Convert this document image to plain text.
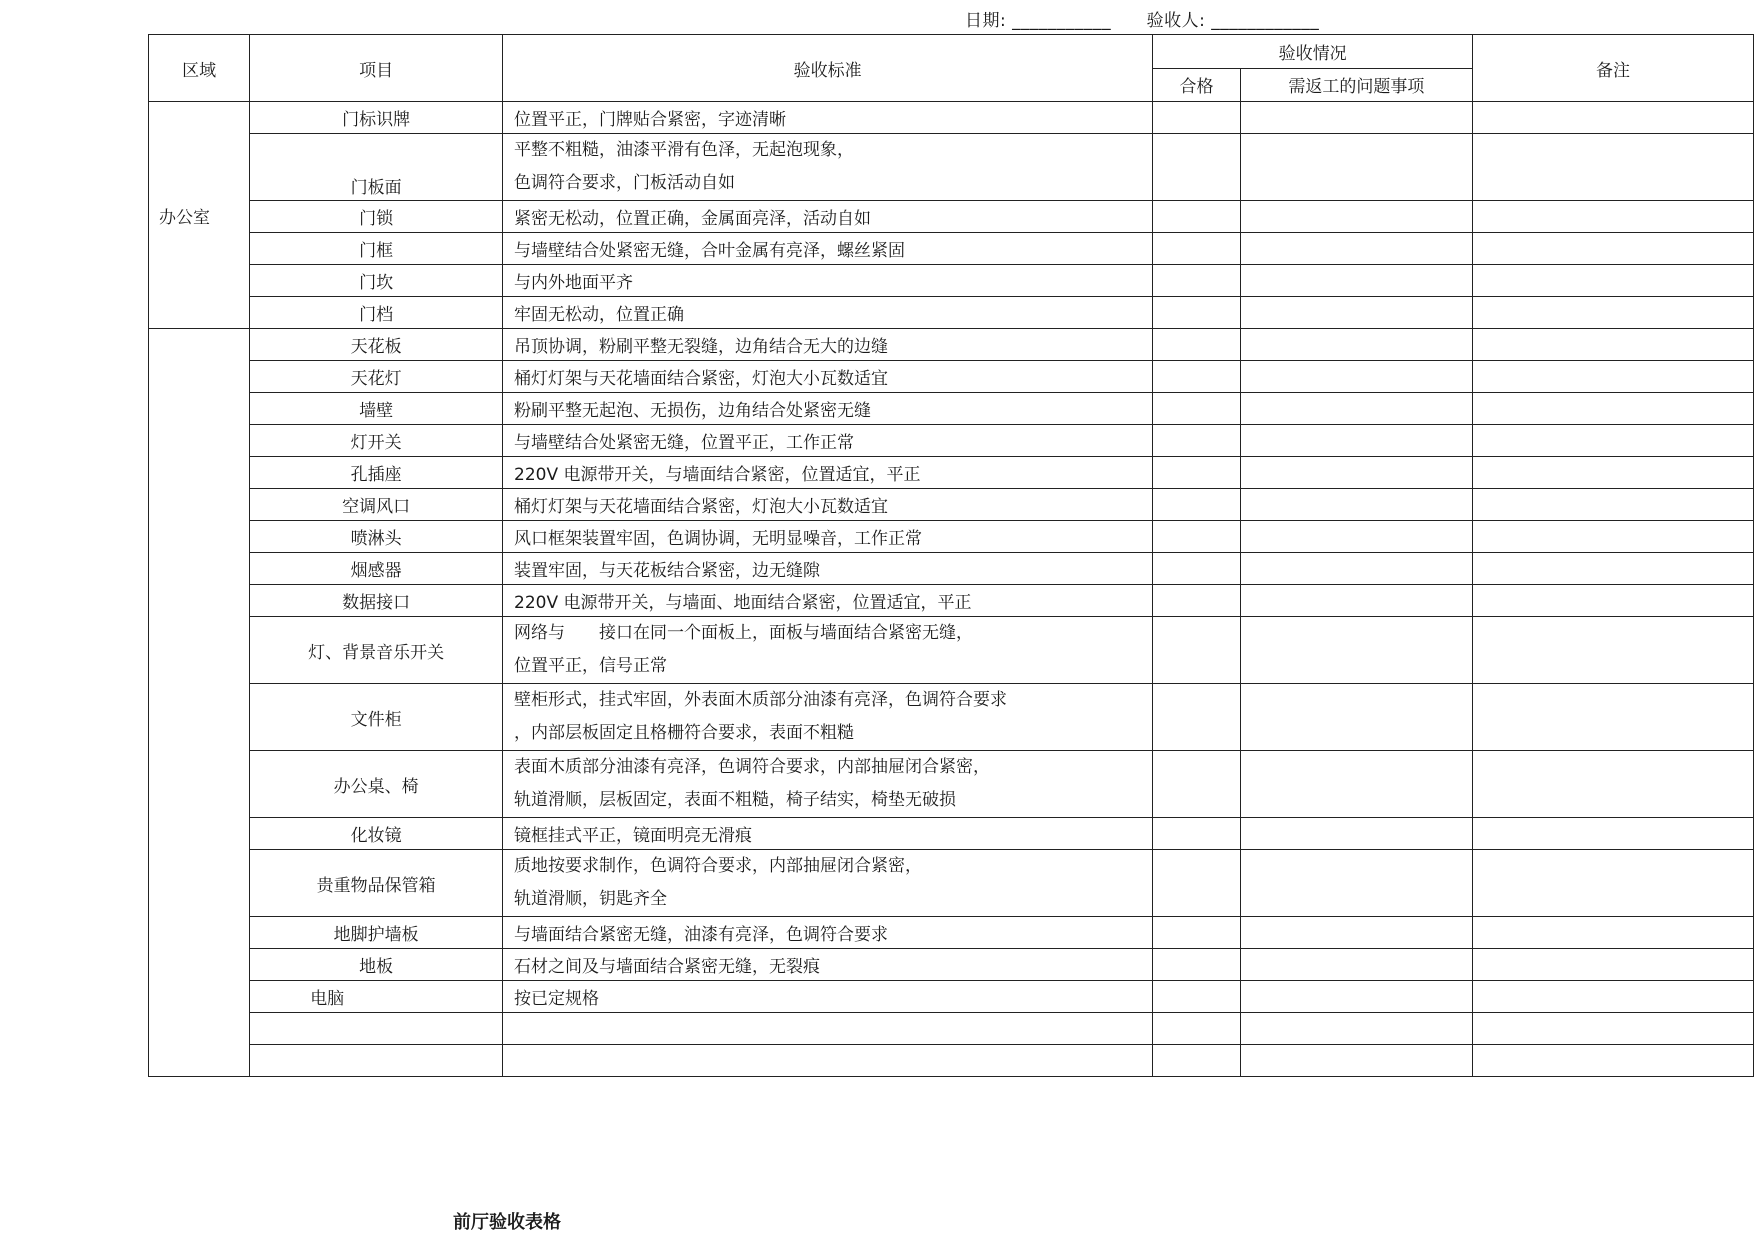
日期: ___________ 验收人: ____________
区域	项目	验收标准	验收情况		备注
			合格	需返工的问题事项	
办公室	门标识牌	位置平正，门牌贴合紧密，字迹清晰			
	门板面	平整不粗糙，油漆平滑有色泽，无起泡现象，
色调符合要求，门板活动自如			

	门锁	紧密无松动，位置正确，金属面亮泽，活动自如			
	门框	与墙壁结合处紧密无缝，合叶金属有亮泽，螺丝紧固			
	门坎	与内外地面平齐			
	门档	牢固无松动，位置正确			
	天花板	吊顶协调，粉刷平整无裂缝，边角结合无大的边缝			
	天花灯	桶灯灯架与天花墙面结合紧密，灯泡大小瓦数适宜			
	墙壁	粉刷平整无起泡、无损伤，边角结合处紧密无缝			
	灯开关	与墙壁结合处紧密无缝，位置平正，工作正常			
	孔插座	220V 电源带开关，与墙面结合紧密，位置适宜，平正			
	空调风口	桶灯灯架与天花墙面结合紧密，灯泡大小瓦数适宜			
	喷淋头	风口框架装置牢固，色调协调，无明显噪音，工作正常			
	烟感器	装置牢固，与天花板结合紧密，边无缝隙			
	数据接口	220V 电源带开关，与墙面、地面结合紧密，位置适宜，平正			
	灯、背景音乐开关	网络与　　接口在同一个面板上，面板与墙面结合紧密无缝，
位置平正，信号正常			

	文件柜	壁柜形式，挂式牢固，外表面木质部分油漆有亮泽，色调符合要求
，内部层板固定且格栅符合要求，表面不粗糙			

	办公桌、椅	表面木质部分油漆有亮泽，色调符合要求，内部抽屉闭合紧密，
轨道滑顺，层板固定，表面不粗糙，椅子结实，椅垫无破损			

	化妆镜	镜框挂式平正，镜面明亮无滑痕			
	贵重物品保管箱	质地按要求制作，色调符合要求，内部抽屉闭合紧密，
轨道滑顺，钥匙齐全			

	地脚护墙板	与墙面结合紧密无缝，油漆有亮泽，色调符合要求			
	地板	石材之间及与墙面结合紧密无缝，无裂痕			
	电脑	按已定规格			

前厅验收表格
